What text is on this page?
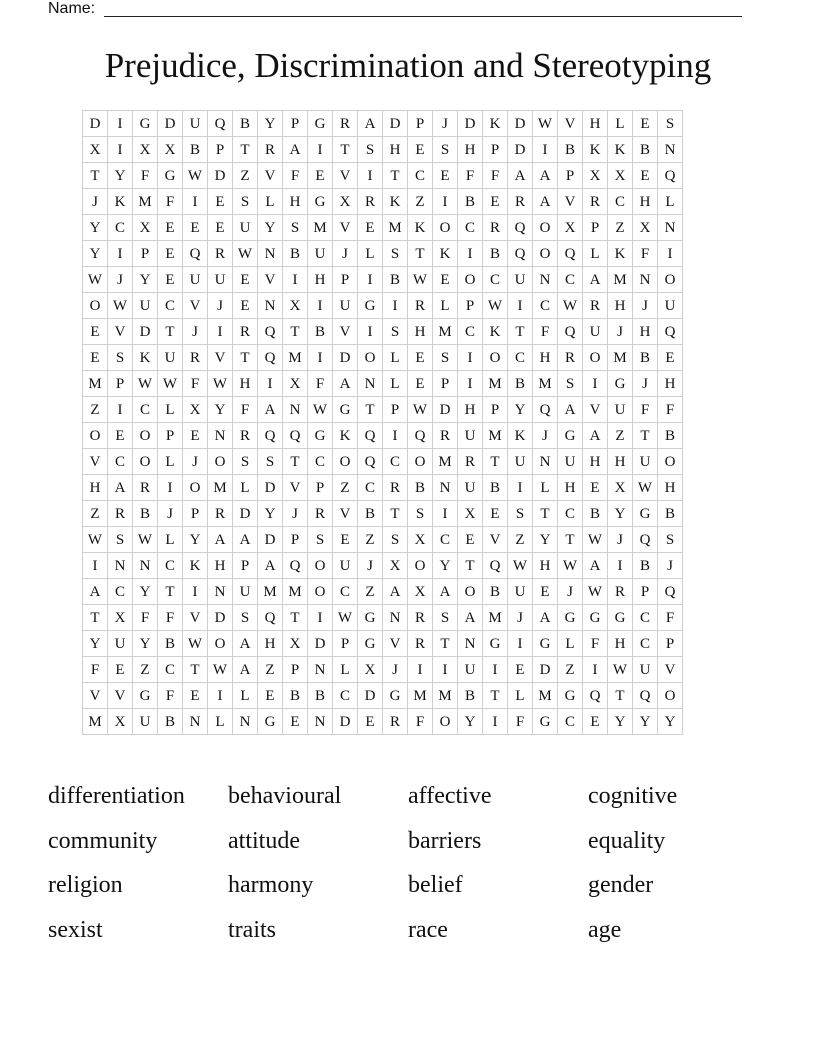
Name:
Prejudice, Discrimination and Stereotyping
D	I	G	D	U	Q	B	Y	P	G	R	A	D	P	J	D	K	D	W	V	H	L	E	S
X	I	X	X	B	P	T	R	A	I	T	S	H	E	S	H	P	D	I	B	K	K	B	N
T	Y	F	G	W	D	Z	V	F	E	V	I	T	C	E	F	F	A	A	P	X	X	E	Q
J	K	M	F	I	E	S	L	H	G	X	R	K	Z	I	B	E	R	A	V	R	C	H	L
Y	C	X	E	E	E	U	Y	S	M	V	E	M	K	O	C	R	Q	O	X	P	Z	X	N
Y	I	P	E	Q	R	W	N	B	U	J	L	S	T	K	I	B	Q	O	Q	L	K	F	I
W	J	Y	E	U	U	E	V	I	H	P	I	B	W	E	O	C	U	N	C	A	M	N	O
O	W	U	C	V	J	E	N	X	I	U	G	I	R	L	P	W	I	C	W	R	H	J	U
E	V	D	T	J	I	R	Q	T	B	V	I	S	H	M	C	K	T	F	Q	U	J	H	Q
E	S	K	U	R	V	T	Q	M	I	D	O	L	E	S	I	O	C	H	R	O	M	B	E
M	P	W	W	F	W	H	I	X	F	A	N	L	E	P	I	M	B	M	S	I	G	J	H
Z	I	C	L	X	Y	F	A	N	W	G	T	P	W	D	H	P	Y	Q	A	V	U	F	F
O	E	O	P	E	N	R	Q	Q	G	K	Q	I	Q	R	U	M	K	J	G	A	Z	T	B
V	C	O	L	J	O	S	S	T	C	O	Q	C	O	M	R	T	U	N	U	H	H	U	O
H	A	R	I	O	M	L	D	V	P	Z	C	R	B	N	U	B	I	L	H	E	X	W	H
Z	R	B	J	P	R	D	Y	J	R	V	B	T	S	I	X	E	S	T	C	B	Y	G	B
W	S	W	L	Y	A	A	D	P	S	E	Z	S	X	C	E	V	Z	Y	T	W	J	Q	S
I	N	N	C	K	H	P	A	Q	O	U	J	X	O	Y	T	Q	W	H	W	A	I	B	J
A	C	Y	T	I	N	U	M	M	O	C	Z	A	X	A	O	B	U	E	J	W	R	P	Q
T	X	F	F	V	D	S	Q	T	I	W	G	N	R	S	A	M	J	A	G	G	G	C	F
Y	U	Y	B	W	O	A	H	X	D	P	G	V	R	T	N	G	I	G	L	F	H	C	P
F	E	Z	C	T	W	A	Z	P	N	L	X	J	I	I	U	I	E	D	Z	I	W	U	V
V	V	G	F	E	I	L	E	B	B	C	D	G	M	M	B	T	L	M	G	Q	T	Q	O
M	X	U	B	N	L	N	G	E	N	D	E	R	F	O	Y	I	F	G	C	E	Y	Y	Y
differentiation	behavioural	affective	cognitive
community	attitude	barriers	equality
religion	harmony	belief	gender
sexist	traits	race	age
